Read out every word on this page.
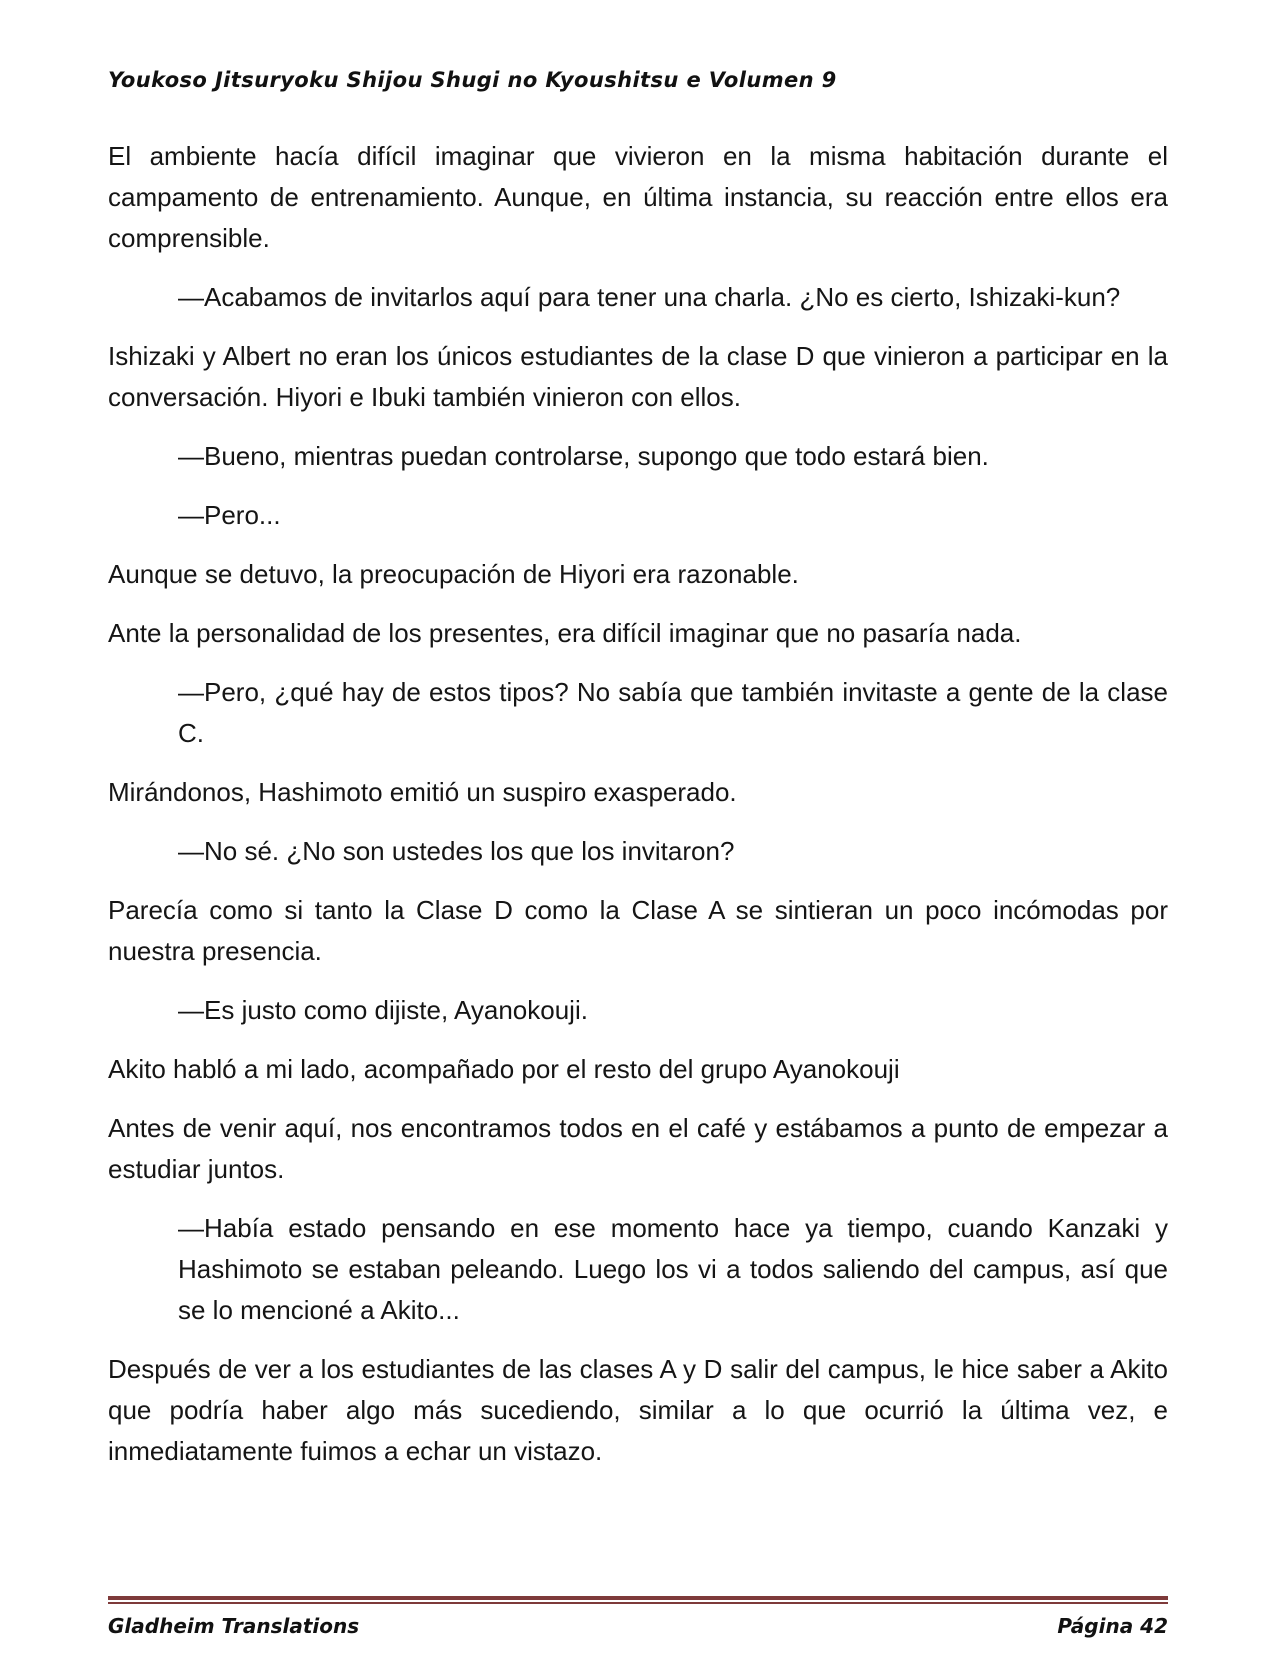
Youkoso Jitsuryoku Shijou Shugi no Kyoushitsu e Volumen 9

El ambiente hacía difícil imaginar que vivieron en la misma habitación durante el campamento de entrenamiento. Aunque, en última instancia, su reacción entre ellos era comprensible.

—Acabamos de invitarlos aquí para tener una charla. ¿No es cierto, Ishizaki-kun?

Ishizaki y Albert no eran los únicos estudiantes de la clase D que vinieron a participar en la conversación. Hiyori e Ibuki también vinieron con ellos.

—Bueno, mientras puedan controlarse, supongo que todo estará bien.

—Pero...

Aunque se detuvo, la preocupación de Hiyori era razonable.

Ante la personalidad de los presentes, era difícil imaginar que no pasaría nada.

—Pero, ¿qué hay de estos tipos? No sabía que también invitaste a gente de la clase C.

Mirándonos, Hashimoto emitió un suspiro exasperado.

—No sé. ¿No son ustedes los que los invitaron?

Parecía como si tanto la Clase D como la Clase A se sintieran un poco incómodas por nuestra presencia.

—Es justo como dijiste, Ayanokouji.

Akito habló a mi lado, acompañado por el resto del grupo Ayanokouji

Antes de venir aquí, nos encontramos todos en el café y estábamos a punto de empezar a estudiar juntos.

—Había estado pensando en ese momento hace ya tiempo, cuando Kanzaki y Hashimoto se estaban peleando. Luego los vi a todos saliendo del campus, así que se lo mencioné a Akito...

Después de ver a los estudiantes de las clases A y D salir del campus, le hice saber a Akito que podría haber algo más sucediendo, similar a lo que ocurrió la última vez, e inmediatamente fuimos a echar un vistazo.

Gladheim Translations	Página 42
